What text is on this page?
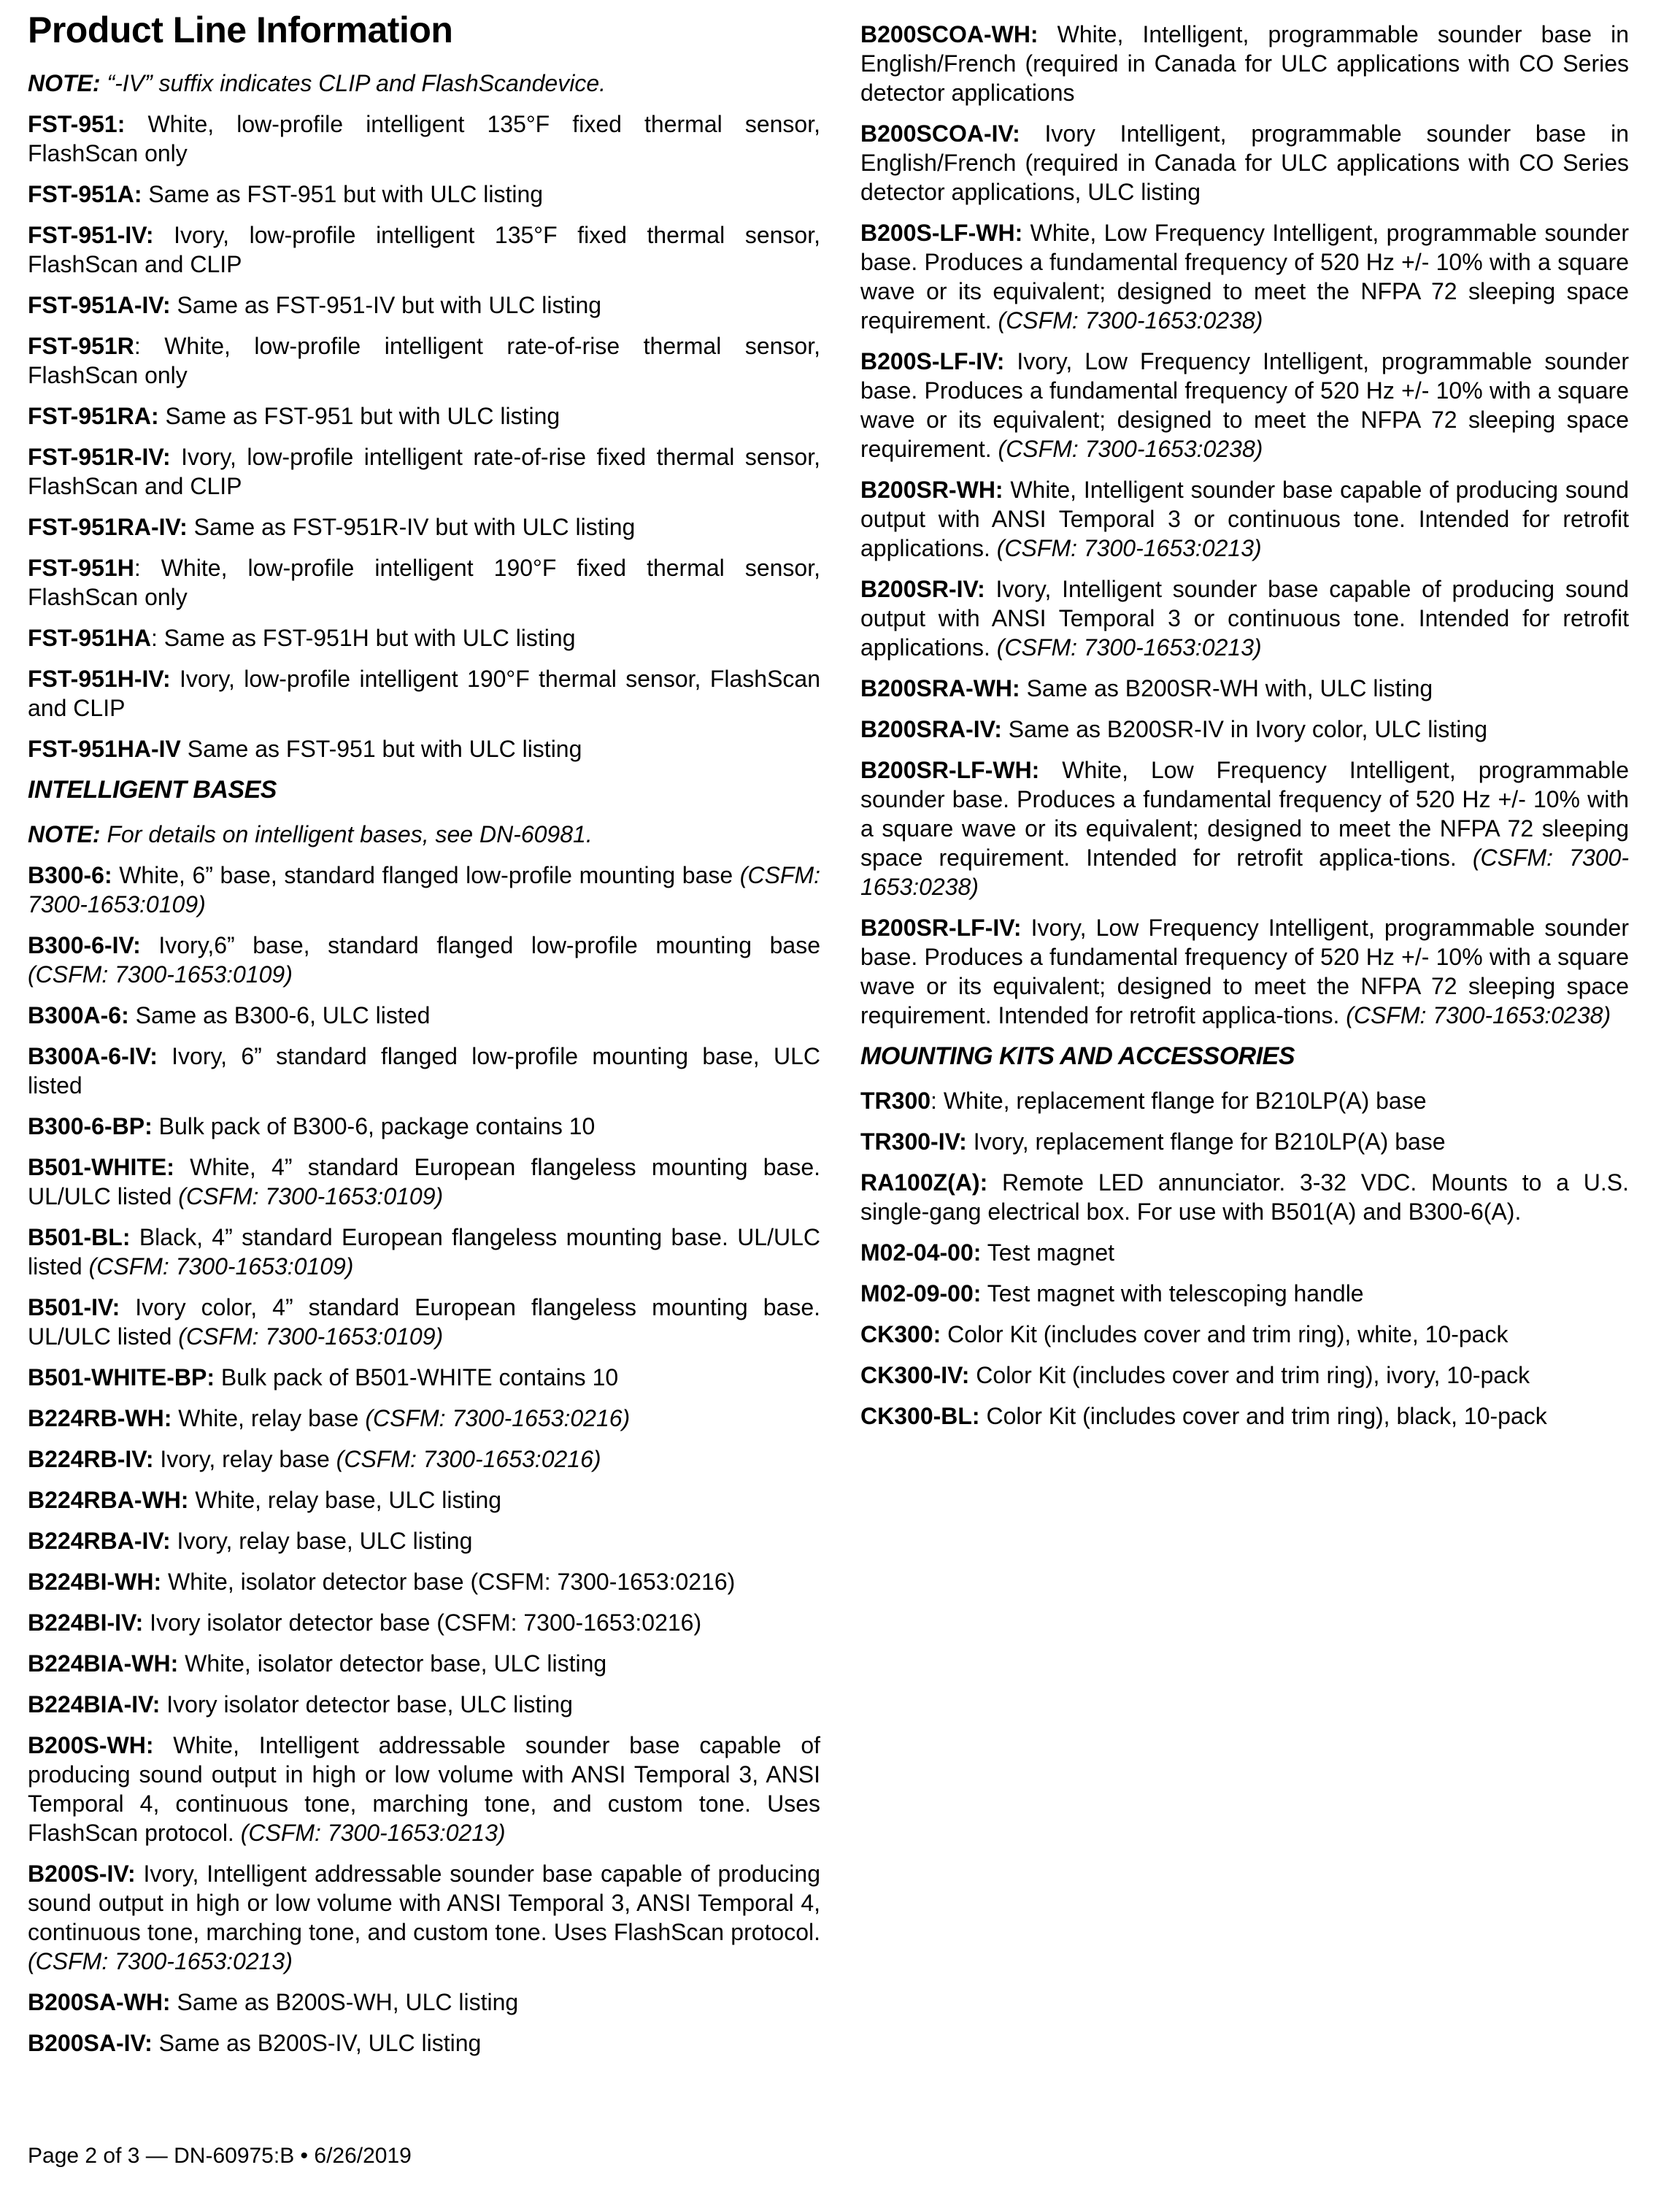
Product Line Information

NOTE: “-IV” suffix indicates CLIP and FlashScandevice.

FST-951: White, low-profile intelligent 135°F fixed thermal sensor, FlashScan only

FST-951A: Same as FST-951 but with ULC listing

FST-951-IV: Ivory, low-profile intelligent 135°F fixed thermal sensor, FlashScan and CLIP

FST-951A-IV: Same as FST-951-IV but with ULC listing

FST-951R: White, low-profile intelligent rate-of-rise thermal sensor, FlashScan only

FST-951RA: Same as FST-951 but with ULC listing

FST-951R-IV: Ivory, low-profile intelligent rate-of-rise fixed thermal sensor, FlashScan and CLIP

FST-951RA-IV: Same as FST-951R-IV but with ULC listing

FST-951H: White, low-profile intelligent 190°F fixed thermal sensor, FlashScan only

FST-951HA: Same as FST-951H but with ULC listing

FST-951H-IV: Ivory, low-profile intelligent 190°F thermal sensor, FlashScan and CLIP

FST-951HA-IV Same as FST-951 but with ULC listing

INTELLIGENT BASES

NOTE: For details on intelligent bases, see DN-60981.

B300-6: White, 6” base, standard flanged low-profile mounting base (CSFM: 7300-1653:0109)

B300-6-IV: Ivory,6” base, standard flanged low-profile mounting base (CSFM: 7300-1653:0109)

B300A-6: Same as B300-6, ULC listed

B300A-6-IV: Ivory, 6” standard flanged low-profile mounting base, ULC listed

B300-6-BP: Bulk pack of B300-6, package contains 10

B501-WHITE: White, 4” standard European flangeless mounting base. UL/ULC listed (CSFM: 7300-1653:0109)

B501-BL: Black, 4” standard European flangeless mounting base. UL/ULC listed (CSFM: 7300-1653:0109)

B501-IV: Ivory color, 4” standard European flangeless mounting base. UL/ULC listed (CSFM: 7300-1653:0109)

B501-WHITE-BP: Bulk pack of B501-WHITE contains 10

B224RB-WH: White, relay base (CSFM: 7300-1653:0216)

B224RB-IV: Ivory, relay base (CSFM: 7300-1653:0216)

B224RBA-WH: White, relay base, ULC listing

B224RBA-IV: Ivory, relay base, ULC listing

B224BI-WH: White, isolator detector base (CSFM: 7300-1653:0216)

B224BI-IV: Ivory isolator detector base (CSFM: 7300-1653:0216)

B224BIA-WH: White, isolator detector base, ULC listing

B224BIA-IV: Ivory isolator detector base, ULC listing

B200S-WH: White, Intelligent addressable sounder base capable of producing sound output in high or low volume with ANSI Temporal 3, ANSI Temporal 4, continuous tone, marching tone, and custom tone. Uses FlashScan protocol. (CSFM: 7300-1653:0213)

B200S-IV: Ivory, Intelligent addressable sounder base capable of producing sound output in high or low volume with ANSI Temporal 3, ANSI Temporal 4, continuous tone, marching tone, and custom tone. Uses FlashScan protocol. (CSFM: 7300-1653:0213)

B200SA-WH: Same as B200S-WH, ULC listing

B200SA-IV: Same as B200S-IV, ULC listing

B200SCOA-WH: White, Intelligent, programmable sounder base in English/French (required in Canada for ULC applications with CO Series detector applications

B200SCOA-IV: Ivory Intelligent, programmable sounder base in English/French (required in Canada for ULC applications with CO Series detector applications, ULC listing

B200S-LF-WH: White, Low Frequency Intelligent, programmable sounder base. Produces a fundamental frequency of 520 Hz +/- 10% with a square wave or its equivalent; designed to meet the NFPA 72 sleeping space requirement. (CSFM: 7300-1653:0238)

B200S-LF-IV: Ivory, Low Frequency Intelligent, programmable sounder base. Produces a fundamental frequency of 520 Hz +/- 10% with a square wave or its equivalent; designed to meet the NFPA 72 sleeping space requirement. (CSFM: 7300-1653:0238)

B200SR-WH: White, Intelligent sounder base capable of producing sound output with ANSI Temporal 3 or continuous tone. Intended for retrofit applications. (CSFM: 7300-1653:0213)

B200SR-IV: Ivory, Intelligent sounder base capable of producing sound output with ANSI Temporal 3 or continuous tone. Intended for retrofit applications. (CSFM: 7300-1653:0213)

B200SRA-WH: Same as B200SR-WH with, ULC listing

B200SRA-IV: Same as B200SR-IV in Ivory color, ULC listing

B200SR-LF-WH: White, Low Frequency Intelligent, programmable sounder base. Produces a fundamental frequency of 520 Hz +/- 10% with a square wave or its equivalent; designed to meet the NFPA 72 sleeping space requirement. Intended for retrofit applica-tions. (CSFM: 7300-1653:0238)

B200SR-LF-IV: Ivory, Low Frequency Intelligent, programmable sounder base. Produces a fundamental frequency of 520 Hz +/- 10% with a square wave or its equivalent; designed to meet the NFPA 72 sleeping space requirement. Intended for retrofit applica-tions. (CSFM: 7300-1653:0238)

MOUNTING KITS AND ACCESSORIES

TR300: White, replacement flange for B210LP(A) base

TR300-IV: Ivory, replacement flange for B210LP(A) base

RA100Z(A): Remote LED annunciator. 3-32 VDC. Mounts to a U.S. single-gang electrical box. For use with B501(A) and B300-6(A).

M02-04-00: Test magnet

M02-09-00: Test magnet with telescoping handle

CK300: Color Kit (includes cover and trim ring), white, 10-pack

CK300-IV: Color Kit (includes cover and trim ring), ivory, 10-pack

CK300-BL: Color Kit (includes cover and trim ring), black, 10-pack

Page 2 of 3 — DN-60975:B • 6/26/2019
